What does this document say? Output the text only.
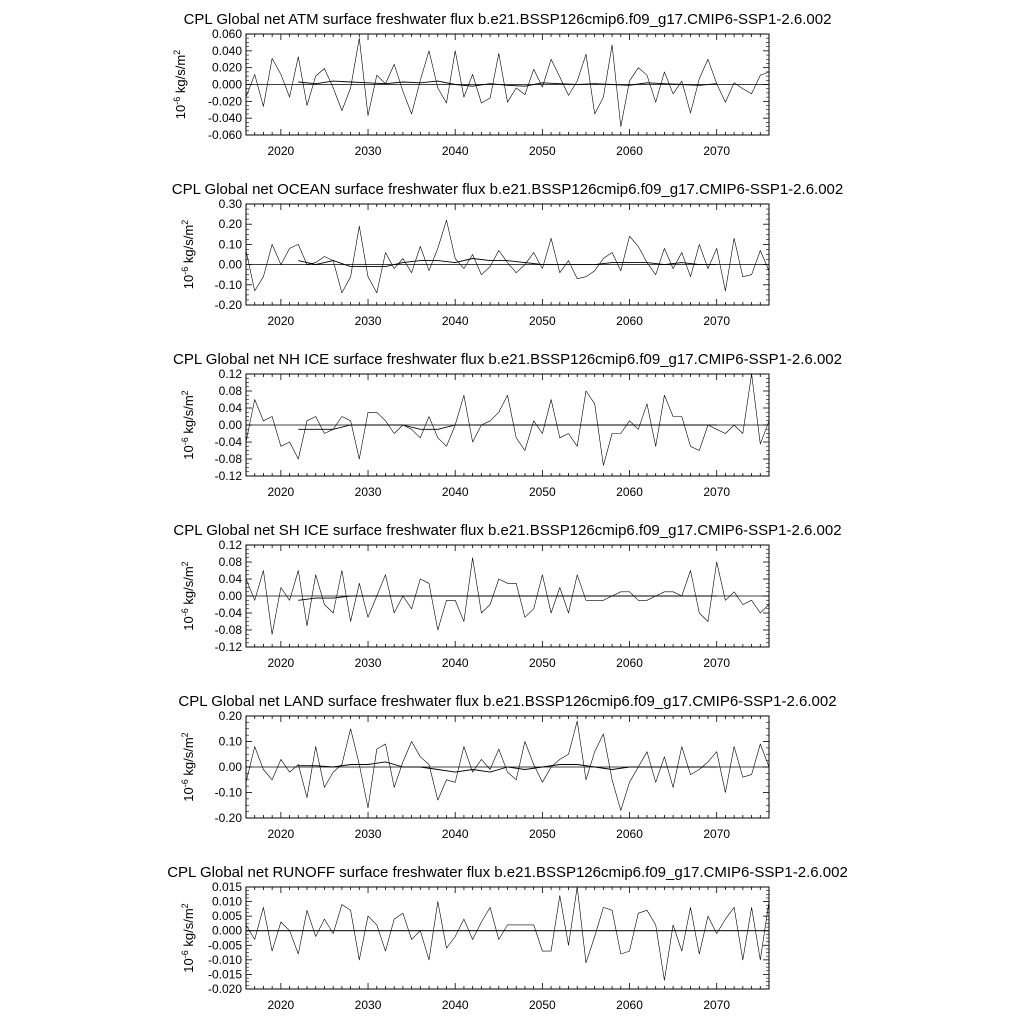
CPL Global net ATM surface freshwater flux b.e21.BSSP126cmip6.f09_g17.CMIP6-SSP1-2.6.002
2020	2030	2040	2050	2060	2070
0.060
0.040
0.020
0.000
-0.020
-0.040
-0.060
$10^{-6}$ $kg/s/m^2$
CPL Global net OCEAN surface freshwater flux b.e21.BSSP126cmip6.f09_g17.CMIP6-SSP1-2.6.002
2020	2030	2040	2050	2060	2070
0.30
0.20
0.10
0.00
-0.10
-0.20
$10^{-6}$ $kg/s/m^2$
CPL Global net NH ICE surface freshwater flux b.e21.BSSP126cmip6.f09_g17.CMIP6-SSP1-2.6.002
2020	2030	2040	2050	2060	2070
0.12
0.08
0.04
0.00
-0.04
-0.08
-0.12
$10^{-6}$ $kg/s/m^2$
CPL Global net SH ICE surface freshwater flux b.e21.BSSP126cmip6.f09_g17.CMIP6-SSP1-2.6.002
2020	2030	2040	2050	2060	2070
0.12
0.08
0.04
0.00
-0.04
-0.08
-0.12
$10^{-6}$ $kg/s/m^2$
CPL Global net LAND surface freshwater flux b.e21.BSSP126cmip6.f09_g17.CMIP6-SSP1-2.6.002
2020	2030	2040	2050	2060	2070
0.20
0.10
0.00
-0.10
-0.20
$10^{-6}$ $kg/s/m^2$
CPL Global net RUNOFF surface freshwater flux b.e21.BSSP126cmip6.f09_g17.CMIP6-SSP1-2.6.002
2020	2030	2040	2050	2060	2070
0.015
0.010
0.005
0.000
-0.005
-0.010
-0.015
-0.020
$10^{-6}$ $kg/s/m^2$
